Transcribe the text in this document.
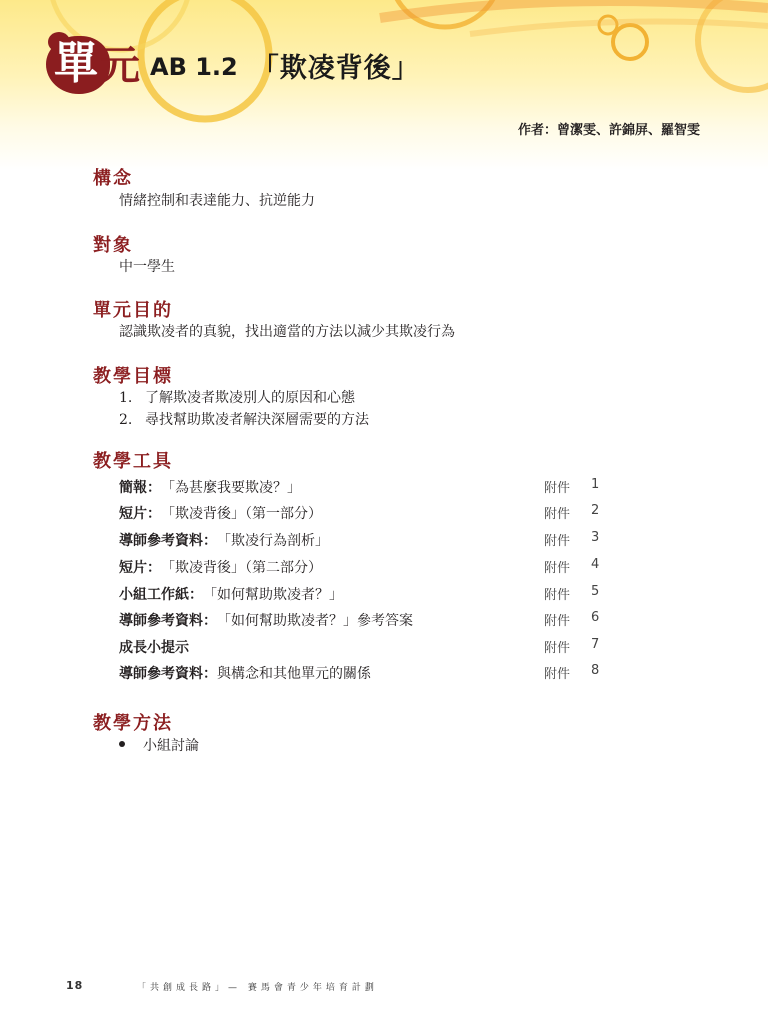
單 元 AB 1.2 「欺凌背後」
作者：曾潔雯、許錦屏、羅智雯
構念
情緒控制和表達能力、抗逆能力
對象
中一學生
單元目的
認識欺凌者的真貌，找出適當的方法以減少其欺凌行為
教學目標
1. 了解欺凌者欺凌別人的原因和心態
2. 尋找幫助欺凌者解決深層需要的方法
教學工具
簡報： 「為甚麼我要欺凌？」	附件 1
短片： 「欺凌背後」（第一部分）	附件 2
導師參考資料： 「欺凌行為剖析」	附件 3
短片： 「欺凌背後」（第二部分）	附件 4
小組工作紙： 「如何幫助欺凌者？」	附件 5
導師參考資料： 「如何幫助欺凌者？」參考答案	附件 6
成長小提示	附件 7
導師參考資料： 與構念和其他單元的關係	附件 8
教學方法
小組討論
18	「共創成長路」— 賽馬會青少年培育計劃
